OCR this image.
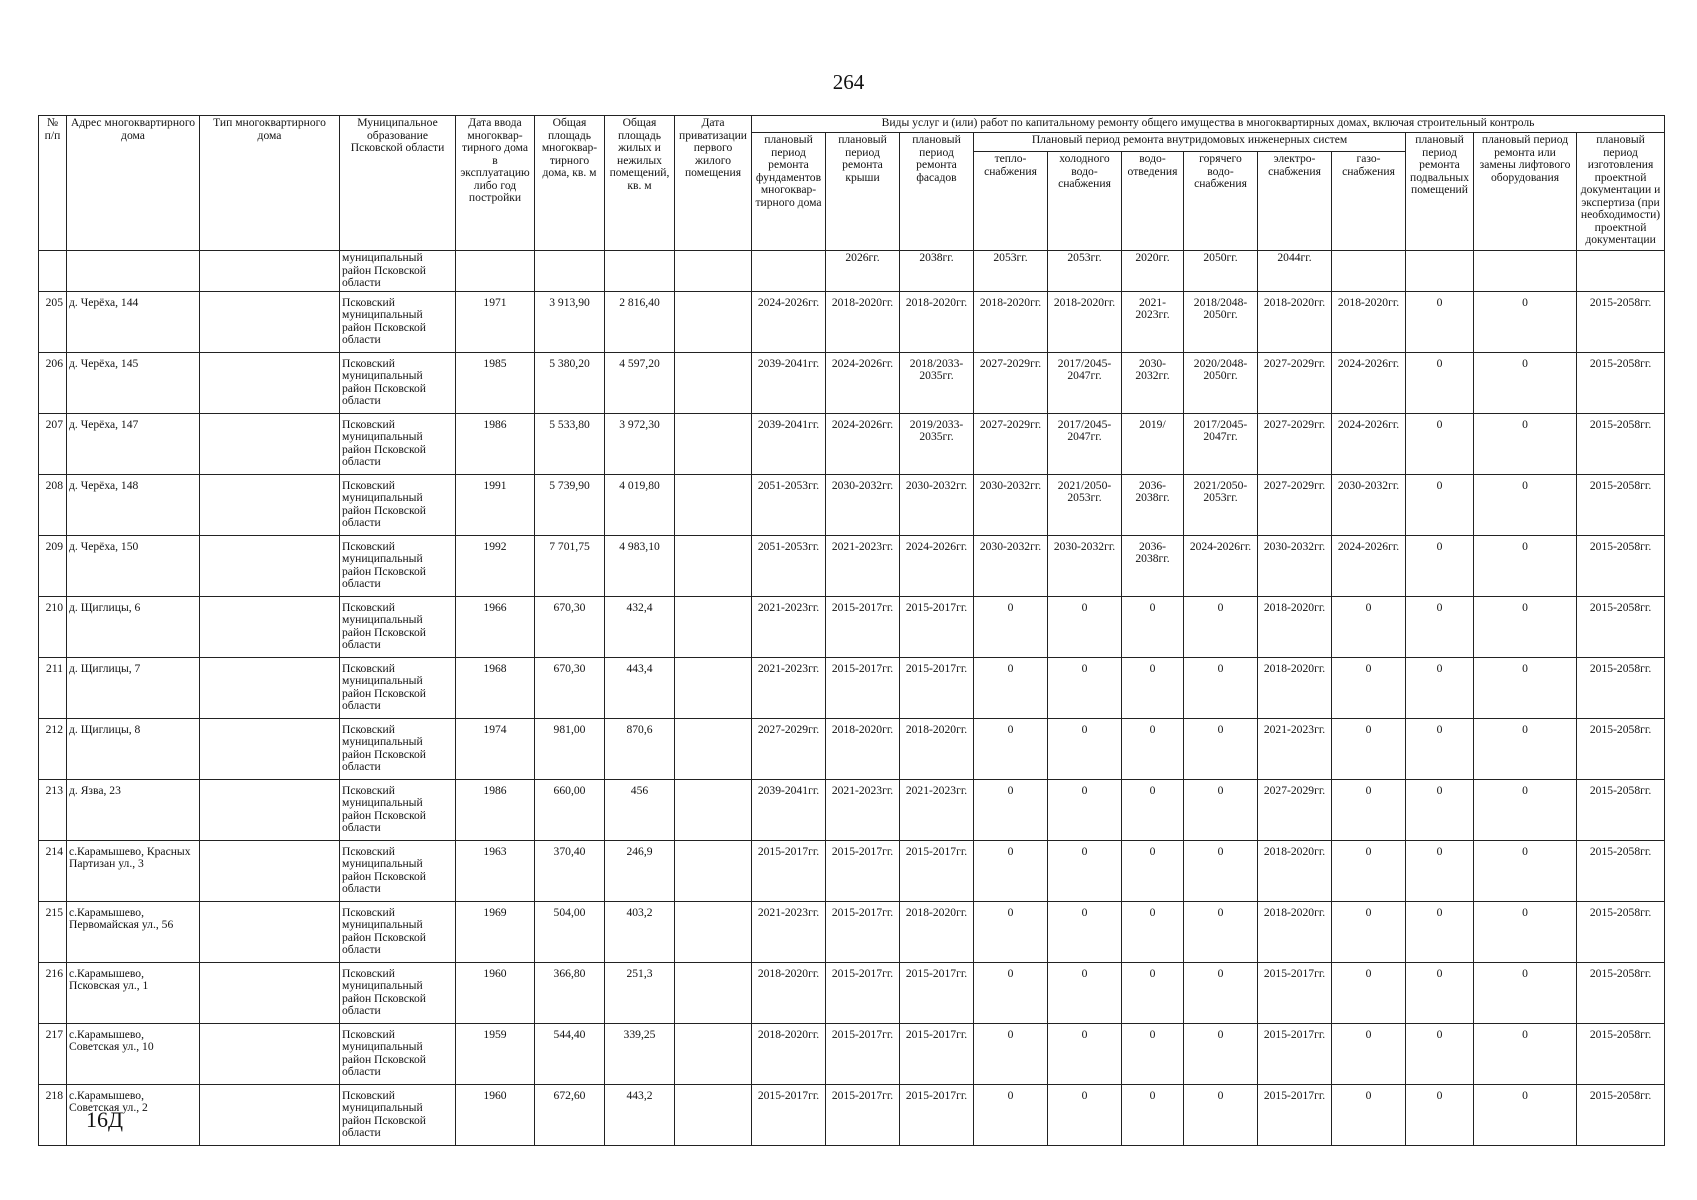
264
№ п/п	Адрес многоквартирного дома	Тип многоквартирного дома	Муниципальное образование Псковской области	Дата ввода многоквар-тирного дома в эксплуатацию либо год постройки	Общая площадь многоквар-тирного дома, кв. м	Общая площадь жилых и нежилых помещений, кв. м	Дата приватизации первого жилого помещения	Виды услуг и (или) работ по капитальному ремонту общего имущества в многоквартирных домах, включая строительный контроль											
								плановый период ремонта фундаментов многоквар-тирного дома	плановый период ремонта крыши	плановый период ремонта фасадов	Плановый период ремонта внутридомовых инженерных систем						плановый период ремонта подвальных помещений	плановый период ремонта или замены лифтового оборудования	плановый период изготовления проектной документации и экспертиза (при необходимости) проектной документации
											тепло-снабжения	холодного водо-снабжения	водо-отведения	горячего водо-снабжения	электро-снабжения	газо-снабжения			
			муниципальный район Псковской области						2026гг.	2038гг.	2053гг.	2053гг.	2020гг.	2050гг.	2044гг.				
205	д. Черёха, 144		Псковский муниципальный район Псковской области	1971	3 913,90	2 816,40		2024-2026гг.	2018-2020гг.	2018-2020гг.	2018-2020гг.	2018-2020гг.	2021-2023гг.	2018/2048-2050гг.	2018-2020гг.	2018-2020гг.	0	0	2015-2058гг.
206	д. Черёха, 145		Псковский муниципальный район Псковской области	1985	5 380,20	4 597,20		2039-2041гг.	2024-2026гг.	2018/2033-2035гг.	2027-2029гг.	2017/2045-2047гг.	2030-2032гг.	2020/2048-2050гг.	2027-2029гг.	2024-2026гг.	0	0	2015-2058гг.
207	д. Черёха, 147		Псковский муниципальный район Псковской области	1986	5 533,80	3 972,30		2039-2041гг.	2024-2026гг.	2019/2033-2035гг.	2027-2029гг.	2017/2045-2047гг.	2019/	2017/2045-2047гг.	2027-2029гг.	2024-2026гг.	0	0	2015-2058гг.
208	д. Черёха, 148		Псковский муниципальный район Псковской области	1991	5 739,90	4 019,80		2051-2053гг.	2030-2032гг.	2030-2032гг.	2030-2032гг.	2021/2050-2053гг.	2036-2038гг.	2021/2050-2053гг.	2027-2029гг.	2030-2032гг.	0	0	2015-2058гг.
209	д. Черёха, 150		Псковский муниципальный район Псковской области	1992	7 701,75	4 983,10		2051-2053гг.	2021-2023гг.	2024-2026гг.	2030-2032гг.	2030-2032гг.	2036-2038гг.	2024-2026гг.	2030-2032гг.	2024-2026гг.	0	0	2015-2058гг.
210	д. Щиглицы, 6		Псковский муниципальный район Псковской области	1966	670,30	432,4		2021-2023гг.	2015-2017гг.	2015-2017гг.	0	0	0	0	2018-2020гг.	0	0	0	2015-2058гг.
211	д. Щиглицы, 7		Псковский муниципальный район Псковской области	1968	670,30	443,4		2021-2023гг.	2015-2017гг.	2015-2017гг.	0	0	0	0	2018-2020гг.	0	0	0	2015-2058гг.
212	д. Щиглицы, 8		Псковский муниципальный район Псковской области	1974	981,00	870,6		2027-2029гг.	2018-2020гг.	2018-2020гг.	0	0	0	0	2021-2023гг.	0	0	0	2015-2058гг.
213	д. Язва, 23		Псковский муниципальный район Псковской области	1986	660,00	456		2039-2041гг.	2021-2023гг.	2021-2023гг.	0	0	0	0	2027-2029гг.	0	0	0	2015-2058гг.
214	с.Карамышево, Красных Партизан ул., 3		Псковский муниципальный район Псковской области	1963	370,40	246,9		2015-2017гг.	2015-2017гг.	2015-2017гг.	0	0	0	0	2018-2020гг.	0	0	0	2015-2058гг.
215	с.Карамышево, Первомайская ул., 56		Псковский муниципальный район Псковской области	1969	504,00	403,2		2021-2023гг.	2015-2017гг.	2018-2020гг.	0	0	0	0	2018-2020гг.	0	0	0	2015-2058гг.
216	с.Карамышево, Псковская ул., 1		Псковский муниципальный район Псковской области	1960	366,80	251,3		2018-2020гг.	2015-2017гг.	2015-2017гг.	0	0	0	0	2015-2017гг.	0	0	0	2015-2058гг.
217	с.Карамышево, Советская ул., 10		Псковский муниципальный район Псковской области	1959	544,40	339,25		2018-2020гг.	2015-2017гг.	2015-2017гг.	0	0	0	0	2015-2017гг.	0	0	0	2015-2058гг.
218	с.Карамышево, Советская ул., 2		Псковский муниципальный район Псковской области	1960	672,60	443,2		2015-2017гг.	2015-2017гг.	2015-2017гг.	0	0	0	0	2015-2017гг.	0	0	0	2015-2058гг.
16Д
